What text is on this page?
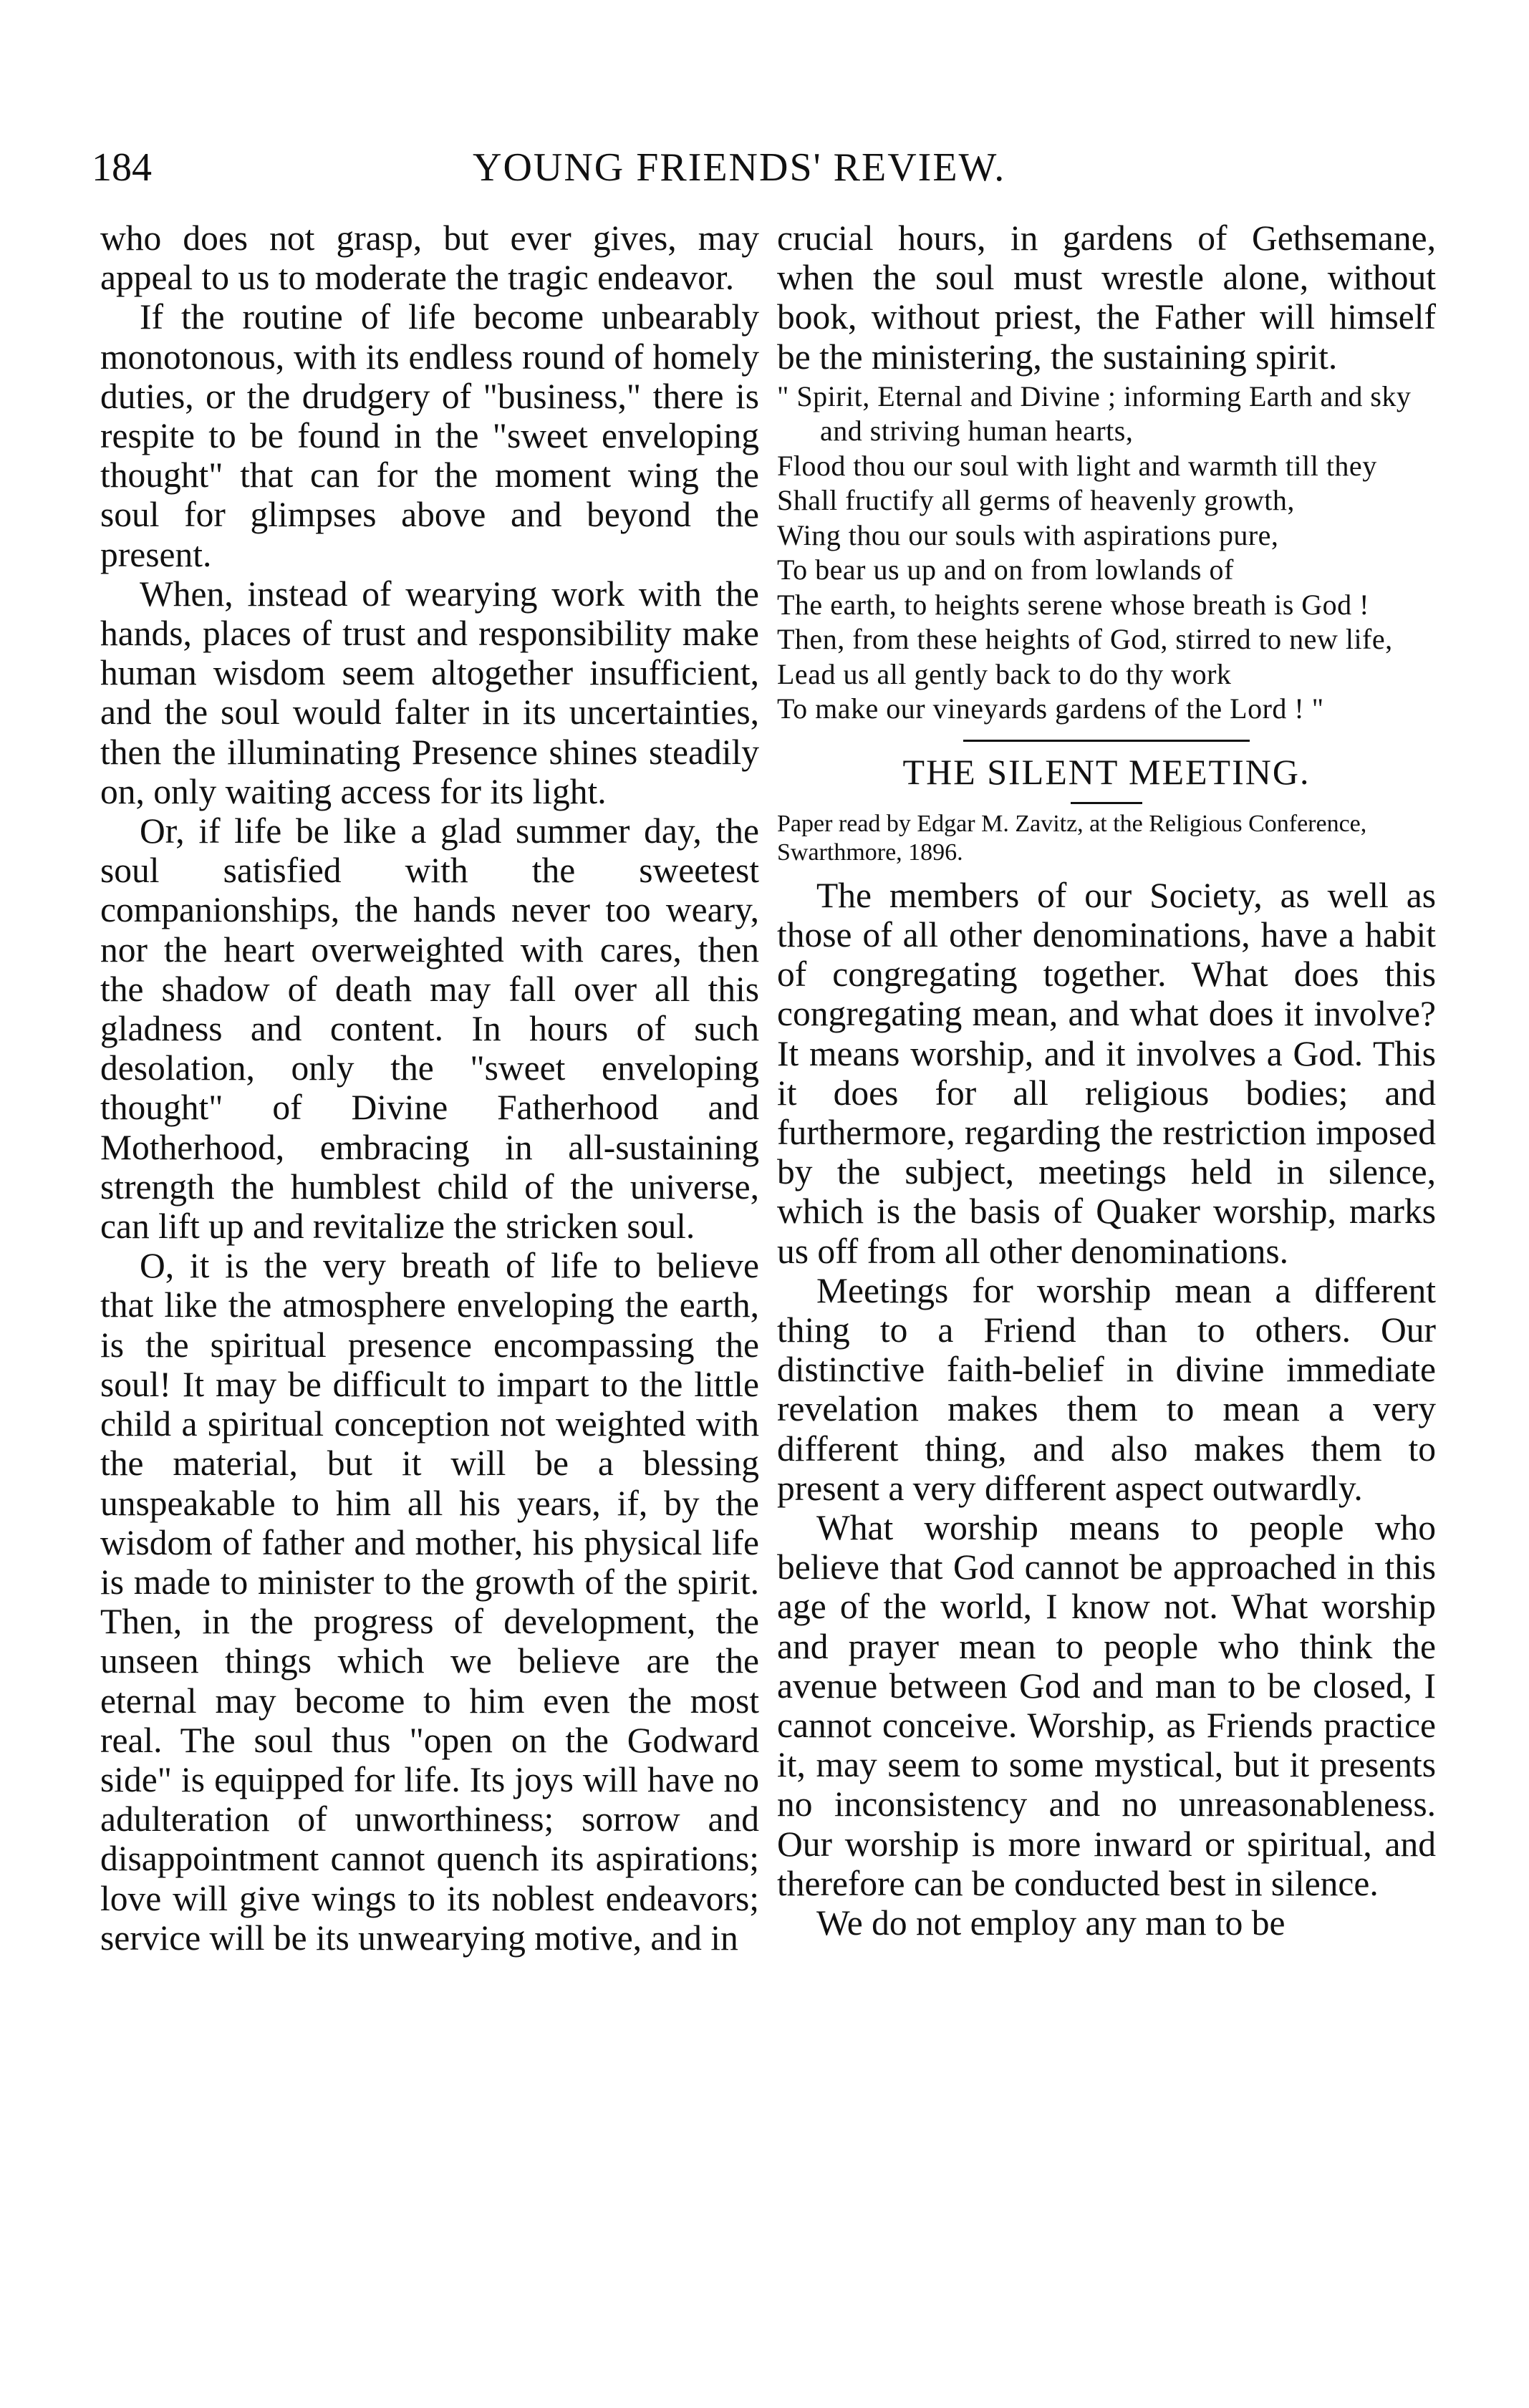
184	YOUNG FRIENDS' REVIEW.

who does not grasp, but ever gives, may appeal to us to moderate the tragic endeavor.

If the routine of life become unbearably monotonous, with its endless round of homely duties, or the drudgery of "business," there is respite to be found in the "sweet enveloping thought" that can for the moment wing the soul for glimpses above and beyond the present.

When, instead of wearying work with the hands, places of trust and responsibility make human wisdom seem altogether insufficient, and the soul would falter in its uncertainties, then the illuminating Presence shines steadily on, only waiting access for its light.

Or, if life be like a glad summer day, the soul satisfied with the sweetest companionships, the hands never too weary, nor the heart overweighted with cares, then the shadow of death may fall over all this gladness and content. In hours of such desolation, only the "sweet enveloping thought" of Divine Fatherhood and Motherhood, embracing in all-sustaining strength the humblest child of the universe, can lift up and revitalize the stricken soul.

O, it is the very breath of life to believe that like the atmosphere enveloping the earth, is the spiritual presence encompassing the soul! It may be difficult to impart to the little child a spiritual conception not weighted with the material, but it will be a blessing unspeakable to him all his years, if, by the wisdom of father and mother, his physical life is made to minister to the growth of the spirit. Then, in the progress of development, the unseen things which we believe are the eternal may become to him even the most real. The soul thus "open on the Godward side" is equipped for life. Its joys will have no adulteration of unworthiness; sorrow and disappointment cannot quench its aspirations; love will give wings to its noblest endeavors; service will be its unwearying motive, and in

crucial hours, in gardens of Gethsemane, when the soul must wrestle alone, without book, without priest, the Father will himself be the ministering, the sustaining spirit.

" Spirit, Eternal and Divine ; informing Earth and sky and striving human hearts,
Flood thou our soul with light and warmth till they
Shall fructify all germs of heavenly growth,
Wing thou our souls with aspirations pure,
To bear us up and on from lowlands of
The earth, to heights serene whose breath is God !
Then, from these heights of God, stirred to new life,
Lead us all gently back to do thy work
To make our vineyards gardens of the Lord ! "
THE SILENT MEETING.

Paper read by Edgar M. Zavitz, at the Religious Conference, Swarthmore, 1896.

The members of our Society, as well as those of all other denominations, have a habit of congregating together. What does this congregating mean, and what does it involve? It means worship, and it involves a God. This it does for all religious bodies; and furthermore, regarding the restriction imposed by the subject, meetings held in silence, which is the basis of Quaker worship, marks us off from all other denominations.

Meetings for worship mean a different thing to a Friend than to others. Our distinctive faith-belief in divine immediate revelation makes them to mean a very different thing, and also makes them to present a very different aspect outwardly.

What worship means to people who believe that God cannot be approached in this age of the world, I know not. What worship and prayer mean to people who think the avenue between God and man to be closed, I cannot conceive. Worship, as Friends practice it, may seem to some mystical, but it presents no inconsistency and no unreasonableness. Our worship is more inward or spiritual, and therefore can be conducted best in silence.

We do not employ any man to be
